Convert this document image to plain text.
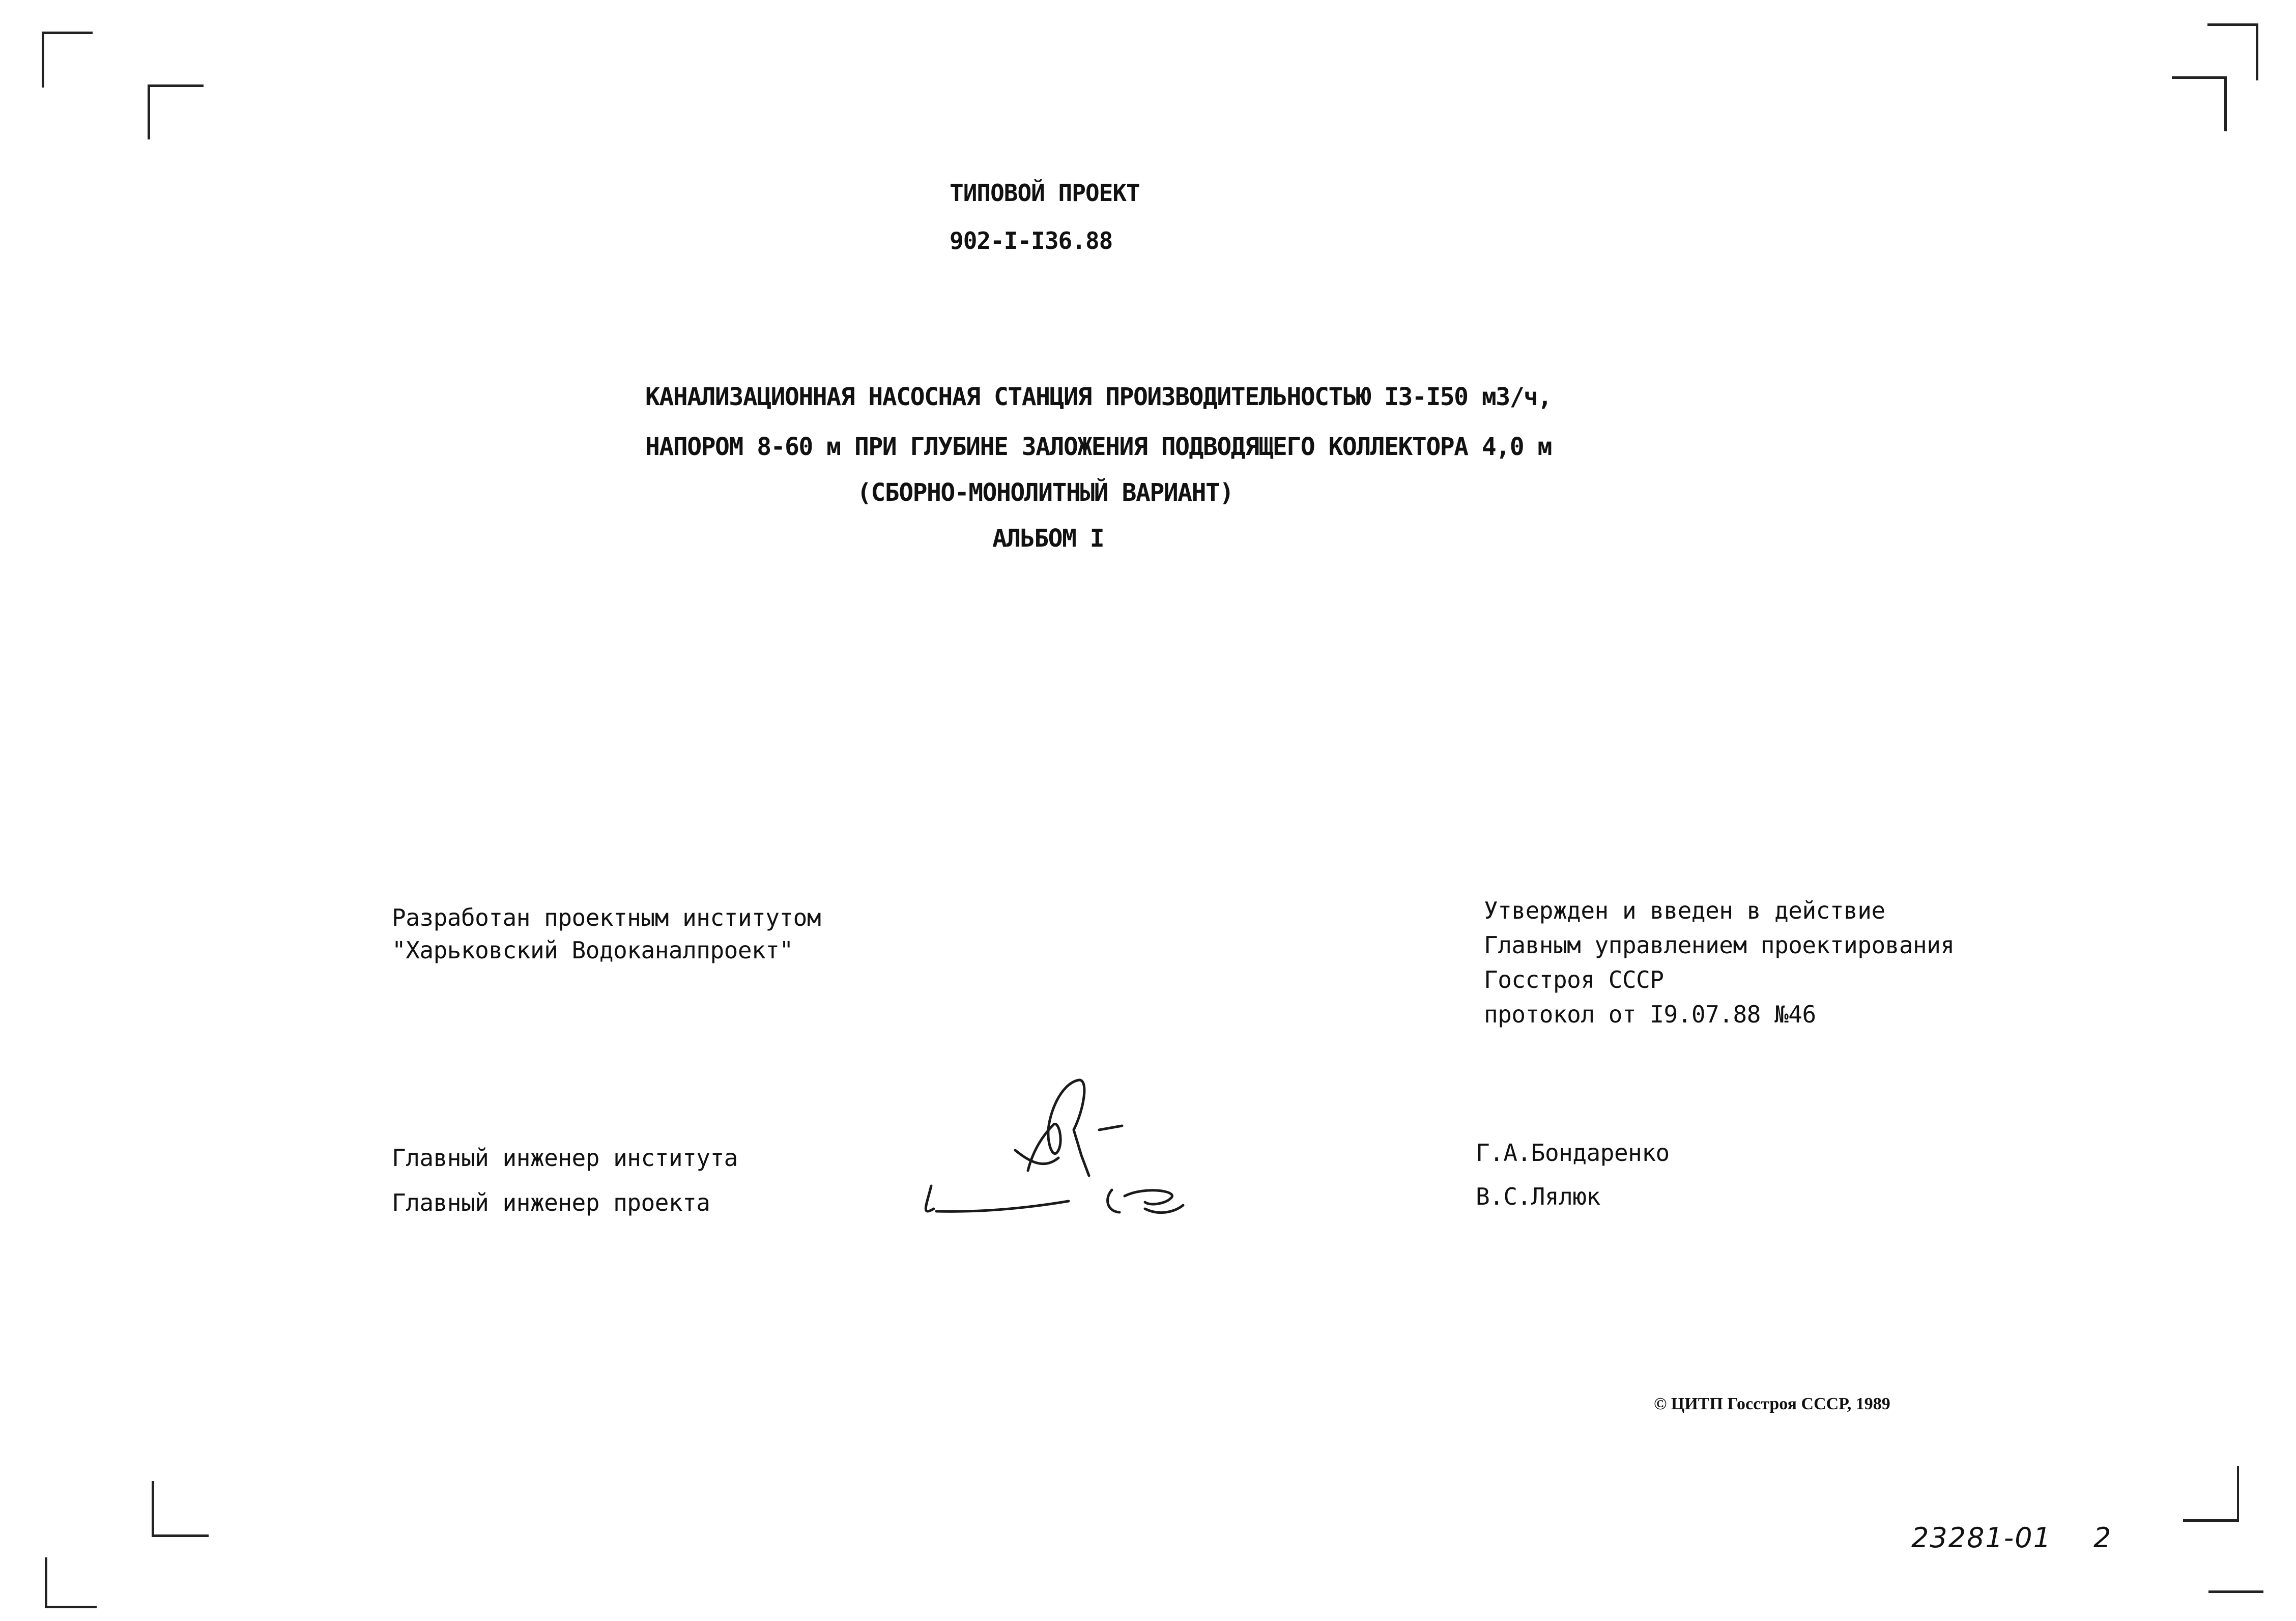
ТИПОВОЙ ПРОЕКТ
902-I-I36.88
КАНАЛИЗАЦИОННАЯ НАСОСНАЯ СТАНЦИЯ ПРОИЗВОДИТЕЛЬНОСТЬЮ I3-I50 м3/ч,
НАПОРОМ 8-60 м ПРИ ГЛУБИНЕ ЗАЛОЖЕНИЯ ПОДВОДЯЩЕГО КОЛЛЕКТОРА 4,0 м
(СБОРНО-МОНОЛИТНЫЙ ВАРИАНТ)
АЛЬБОМ I
Разработан проектным институтом
"Харьковский Водоканалпроект"
Утвержден и введен в действие
Главным управлением проектирования
Госстроя СССР
протокол от I9.07.88 №46
Главный инженер института	Г.А.Бондаренко
Главный инженер проекта	В.С.Лялюк
© ЦИТП Госстроя СССР, 1989
23281-01 2
